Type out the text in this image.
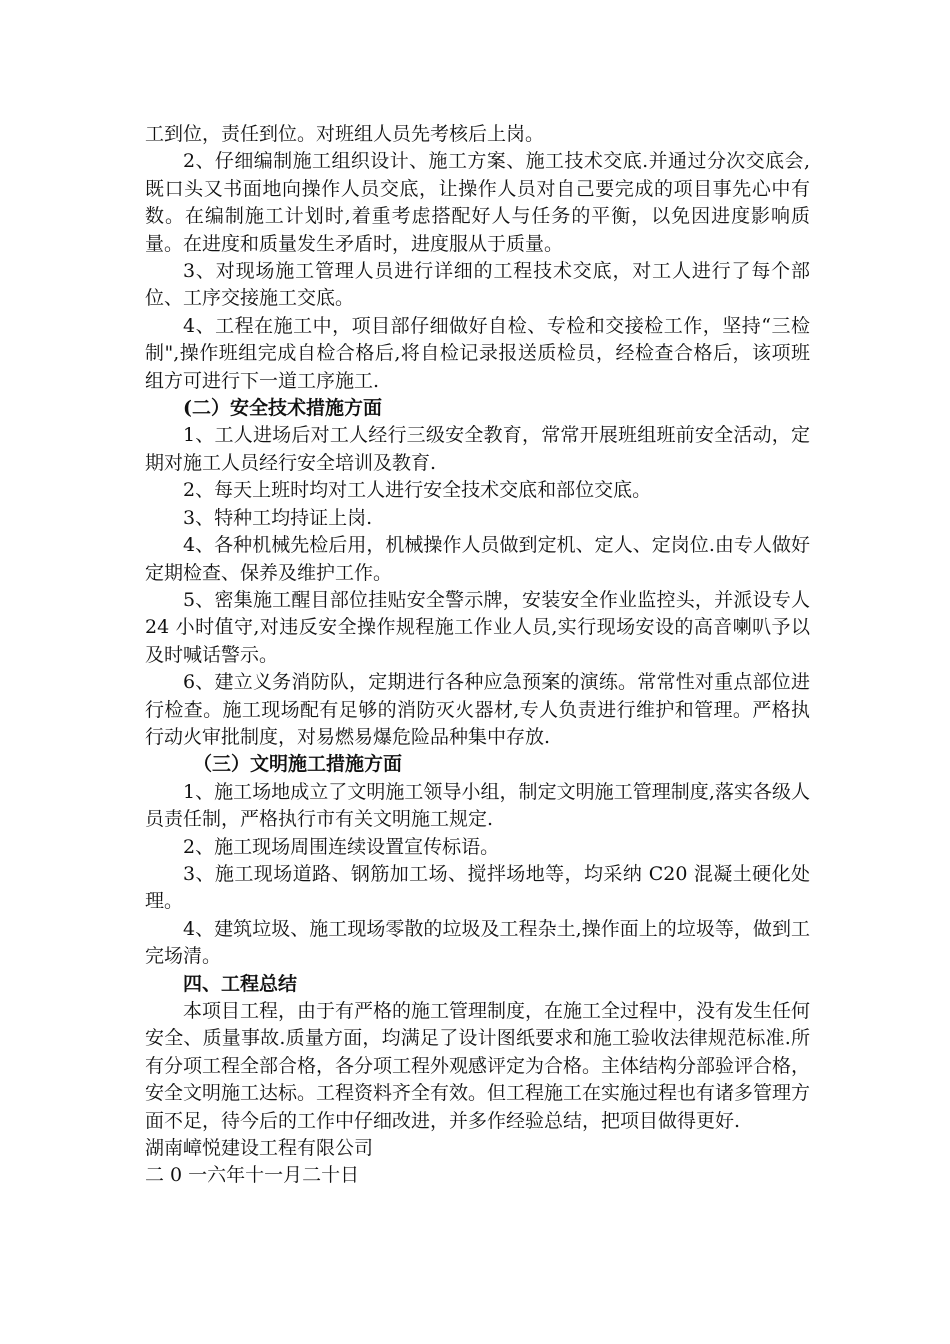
工到位，责任到位。对班组人员先考核后上岗。

2、仔细编制施工组织设计、施工方案、施工技术交底.并通过分次交底会,既口头又书面地向操作人员交底，让操作人员对自己要完成的项目事先心中有数。在编制施工计划时,着重考虑搭配好人与任务的平衡，以免因进度影响质量。在进度和质量发生矛盾时，进度服从于质量。

3、对现场施工管理人员进行详细的工程技术交底，对工人进行了每个部位、工序交接施工交底。

4、工程在施工中，项目部仔细做好自检、专检和交接检工作，坚持“三检制",操作班组完成自检合格后,将自检记录报送质检员，经检查合格后，该项班组方可进行下一道工序施工.

(二）安全技术措施方面

1、工人进场后对工人经行三级安全教育，常常开展班组班前安全活动，定期对施工人员经行安全培训及教育.

2、每天上班时均对工人进行安全技术交底和部位交底。

3、特种工均持证上岗.

4、各种机械先检后用，机械操作人员做到定机、定人、定岗位.由专人做好定期检查、保养及维护工作。

5、密集施工醒目部位挂贴安全警示牌，安装安全作业监控头，并派设专人 24 小时值守,对违反安全操作规程施工作业人员,实行现场安设的高音喇叭予以及时喊话警示。

6、建立义务消防队，定期进行各种应急预案的演练。常常性对重点部位进行检查。施工现场配有足够的消防灭火器材,专人负责进行维护和管理。严格执行动火审批制度，对易燃易爆危险品种集中存放.

（三）文明施工措施方面

1、施工场地成立了文明施工领导小组，制定文明施工管理制度,落实各级人员责任制，严格执行市有关文明施工规定.

2、施工现场周围连续设置宣传标语。

3、施工现场道路、钢筋加工场、搅拌场地等，均采纳 C20 混凝土硬化处理。

4、建筑垃圾、施工现场零散的垃圾及工程杂土,操作面上的垃圾等，做到工完场清。

四、工程总结

本项目工程，由于有严格的施工管理制度，在施工全过程中，没有发生任何安全、质量事故.质量方面，均满足了设计图纸要求和施工验收法律规范标准.所有分项工程全部合格，各分项工程外观感评定为合格。主体结构分部验评合格，安全文明施工达标。工程资料齐全有效。但工程施工在实施过程也有诸多管理方面不足，待今后的工作中仔细改进，并多作经验总结，把项目做得更好.

湖南嶂悦建设工程有限公司

二 0 一六年十一月二十日
